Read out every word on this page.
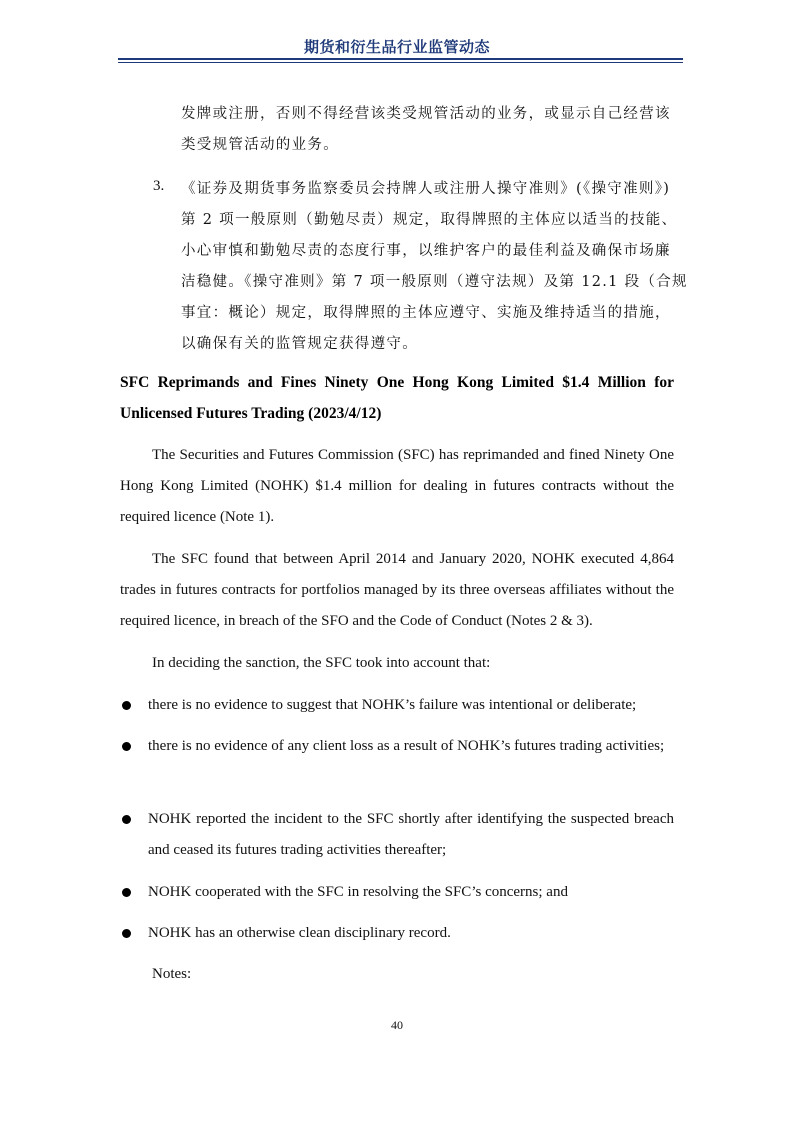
期货和衍生品行业监管动态
发牌或注册，否则不得经营该类受规管活动的业务，或显示自己经营该
类受规管活动的业务。
3. 《证券及期货事务监察委员会持牌人或注册人操守准则》(《操守准则》)
第 2 项一般原则（勤勉尽责）规定，取得牌照的主体应以适当的技能、
小心审慎和勤勉尽责的态度行事，以维护客户的最佳利益及确保市场廉
洁稳健。《操守准则》第 7 项一般原则（遵守法规）及第 12.1 段（合规
事宜：概论）规定，取得牌照的主体应遵守、实施及维持适当的措施，
以确保有关的监管规定获得遵守。
SFC Reprimands and Fines Ninety One Hong Kong Limited $1.4 Million for Unlicensed Futures Trading (2023/4/12)
The Securities and Futures Commission (SFC) has reprimanded and fined Ninety One Hong Kong Limited (NOHK) $1.4 million for dealing in futures contracts without the required licence (Note 1).
The SFC found that between April 2014 and January 2020, NOHK executed 4,864 trades in futures contracts for portfolios managed by its three overseas affiliates without the required licence, in breach of the SFO and the Code of Conduct (Notes 2 & 3).
In deciding the sanction, the SFC took into account that:
there is no evidence to suggest that NOHK’s failure was intentional or deliberate;
there is no evidence of any client loss as a result of NOHK’s futures trading activities;
NOHK reported the incident to the SFC shortly after identifying the suspected breach and ceased its futures trading activities thereafter;
NOHK cooperated with the SFC in resolving the SFC’s concerns; and
NOHK has an otherwise clean disciplinary record.
Notes:
40
